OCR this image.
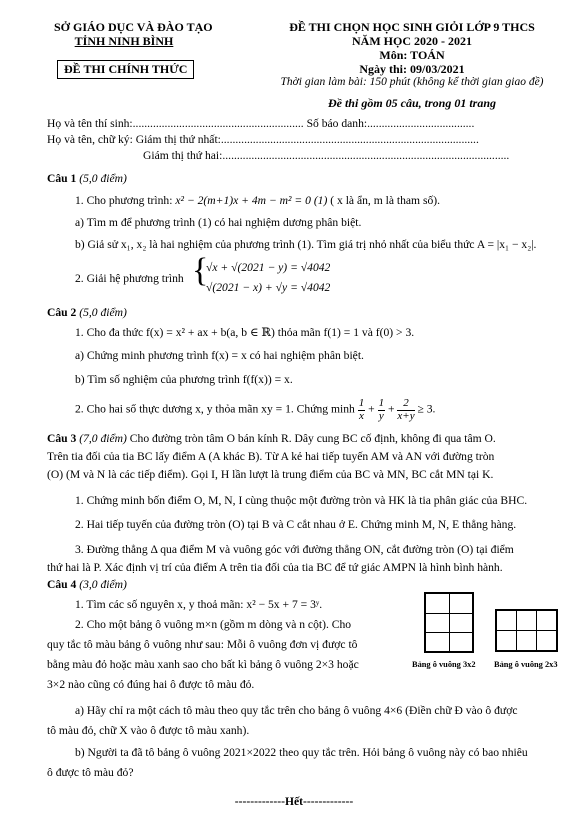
SỞ GIÁO DỤC VÀ ĐÀO TẠO
TỈNH NINH BÌNH
ĐỀ THI CHÍNH THỨC
ĐỀ THI CHỌN HỌC SINH GIỎI LỚP 9 THCS
NĂM HỌC 2020 - 2021
Môn: TOÁN
Ngày thi: 09/03/2021
Thời gian làm bài: 150 phút (không kể thời gian giao đề)
Đề thi gồm 05 câu, trong 01 trang
Họ và tên thí sinh:........................................................... Số báo danh:.....................................
Họ và tên, chữ ký: Giám thị thứ nhất:.........................................................................................
Giám thị thứ hai:...................................................................................................
Câu 1 (5,0 điểm)
1. Cho phương trình: x² − 2(m+1)x + 4m − m² = 0 (1) ( x là ẩn, m là tham số).
a) Tìm m để phương trình (1) có hai nghiệm dương phân biệt.
b) Giả sử x₁, x₂ là hai nghiệm của phương trình (1). Tìm giá trị nhỏ nhất của biểu thức A = |x₁ − x₂|.
2. Giải hệ phương trình {
√x + √(2021 − y) = √4042
√(2021 − x) + √y = √4042
Câu 2 (5,0 điểm)
1. Cho đa thức f(x) = x² + ax + b(a, b ∈ ℝ) thỏa mãn f(1) = 1 và f(0) > 3.
a) Chứng minh phương trình f(x) = x có hai nghiệm phân biệt.
b) Tìm số nghiệm của phương trình f(f(x)) = x.
2. Cho hai số thực dương x, y thỏa mãn xy = 1. Chứng minh $\frac{1}{x} + \frac{1}{y} + \frac{2}{x+y} \ge 3$.
Câu 3 (7,0 điểm) Cho đường tròn tâm O bán kính R. Dây cung BC cố định, không đi qua tâm O.
Trên tia đối của tia BC lấy điểm A (A khác B). Từ A kẻ hai tiếp tuyến AM và AN với đường tròn
(O) (M và N là các tiếp điểm). Gọi I, H lần lượt là trung điểm của BC và MN, BC cắt MN tại K.
1. Chứng minh bốn điểm O, M, N, I cùng thuộc một đường tròn và HK là tia phân giác của BHC.
2. Hai tiếp tuyến của đường tròn (O) tại B và C cắt nhau ở E. Chứng minh M, N, E thẳng hàng.
3. Đường thẳng Δ qua điểm M và vuông góc với đường thẳng ON, cắt đường tròn (O) tại điểm
thứ hai là P. Xác định vị trí của điểm A trên tia đối của tia BC để tứ giác AMPN là hình bình hành.
Câu 4 (3,0 điểm)
1. Tìm các số nguyên x, y thoả mãn: x² − 5x + 7 = 3ʸ.
2. Cho một bảng ô vuông m×n (gồm m dòng và n cột). Cho
quy tắc tô màu bảng ô vuông như sau: Mỗi ô vuông đơn vị được tô
bằng màu đỏ hoặc màu xanh sao cho bất kì bảng ô vuông 2×3 hoặc
3×2 nào cũng có đúng hai ô được tô màu đỏ.
Bảng ô vuông 3x2 Bảng ô vuông 2x3
a) Hãy chỉ ra một cách tô màu theo quy tắc trên cho bảng ô vuông 4×6 (Điền chữ Đ vào ô được
tô màu đỏ, chữ X vào ô được tô màu xanh).
b) Người ta đã tô bảng ô vuông 2021×2022 theo quy tắc trên. Hỏi bảng ô vuông này có bao nhiêu
ô được tô màu đỏ?
-------------Hết-------------
